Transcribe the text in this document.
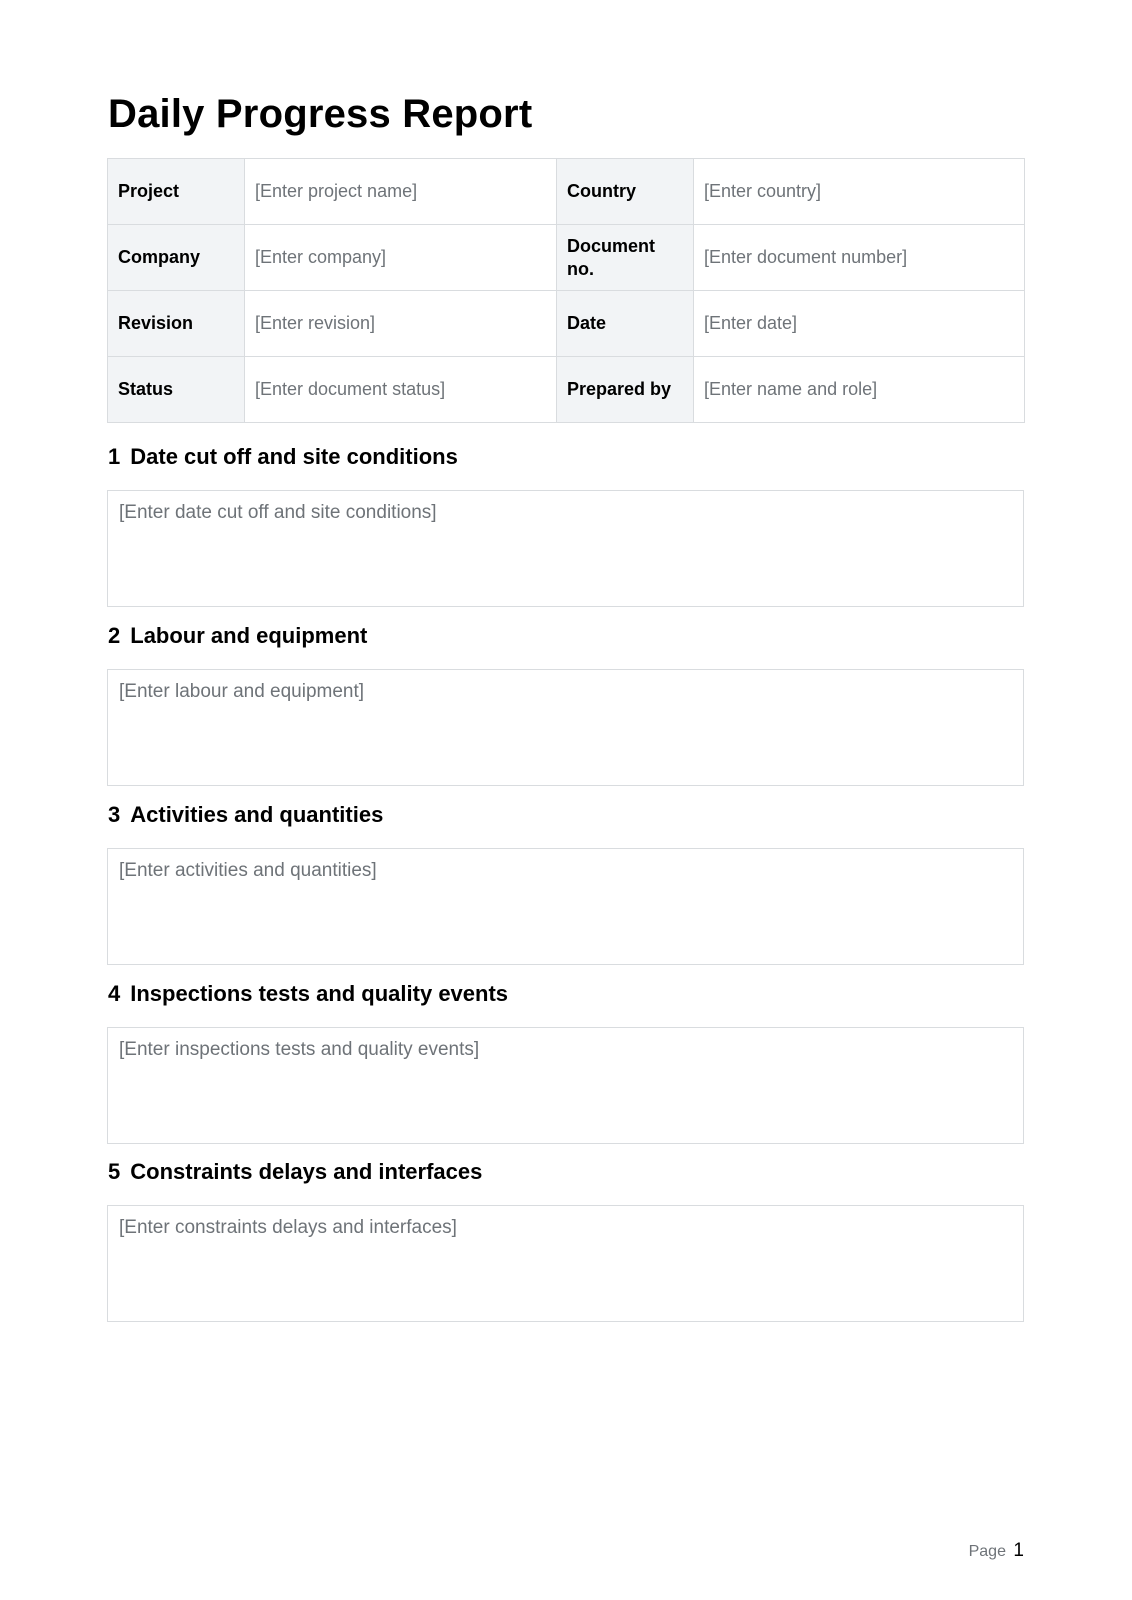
Daily Progress Report
Project	[Enter project name]	Country	[Enter country]
Company	[Enter company]	Document no.	[Enter document number]
Revision	[Enter revision]	Date	[Enter date]
Status	[Enter document status]	Prepared by	[Enter name and role]
1 Date cut off and site conditions
[Enter date cut off and site conditions]
2 Labour and equipment
[Enter labour and equipment]
3 Activities and quantities
[Enter activities and quantities]
4 Inspections tests and quality events
[Enter inspections tests and quality events]
5 Constraints delays and interfaces
[Enter constraints delays and interfaces]
Page 1
